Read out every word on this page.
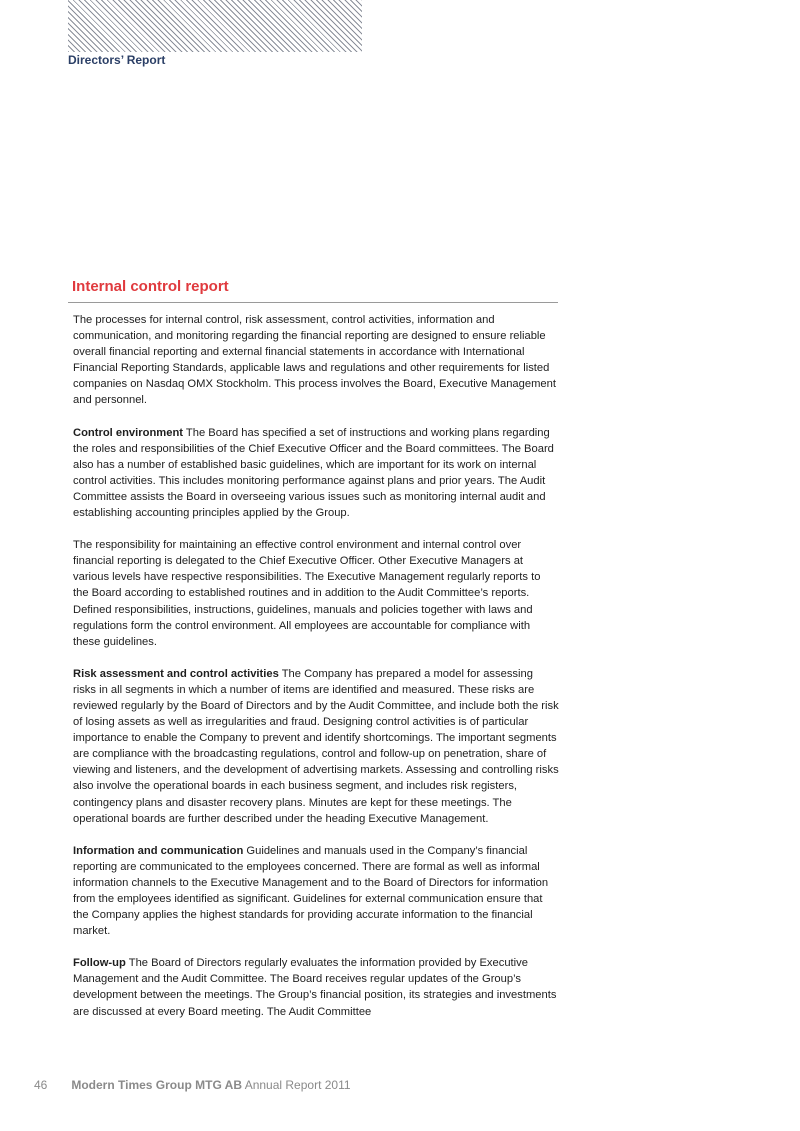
Directors’ Report
Internal control report

The processes for internal control, risk assessment, control activities, information and communication, and monitoring regarding the financial reporting are designed to ensure reliable overall financial reporting and external financial statements in accordance with International Financial Reporting Standards, applicable laws and regulations and other requirements for listed companies on Nasdaq OMX Stockholm. This process involves the Board, Executive Management and personnel.

Control environment The Board has specified a set of instructions and working plans regarding the roles and responsibilities of the Chief Executive Officer and the Board committees. The Board also has a number of established basic guidelines, which are important for its work on internal control activities. This includes monitoring performance against plans and prior years. The Audit Committee assists the Board in overseeing various issues such as monitoring internal audit and establishing accounting principles applied by the Group.

The responsibility for maintaining an effective control environment and internal control over financial reporting is delegated to the Chief Executive Officer. Other Executive Managers at various levels have respective responsibilities. The Executive Management regularly reports to the Board according to established routines and in addition to the Audit Committee’s reports. Defined responsibilities, instructions, guidelines, manuals and policies together with laws and regulations form the control environment. All employees are accountable for compliance with these guidelines.

Risk assessment and control activities The Company has prepared a model for assessing risks in all segments in which a number of items are identified and measured. These risks are reviewed regularly by the Board of Directors and by the Audit Committee, and include both the risk of losing assets as well as irregularities and fraud. Designing control activities is of particular importance to enable the Company to prevent and identify shortcomings. The important segments are compliance with the broadcasting regulations, control and follow-up on penetration, share of viewing and listeners, and the development of advertising markets. Assessing and controlling risks also involve the operational boards in each business segment, and includes risk registers, contingency plans and disaster recovery plans. Minutes are kept for these meetings. The operational boards are further described under the heading Executive Management.

Information and communication Guidelines and manuals used in the Company’s financial reporting are communicated to the employees concerned. There are formal as well as informal information channels to the Executive Management and to the Board of Directors for information from the employees identified as significant. Guidelines for external communication ensure that the Company applies the highest standards for providing accurate information to the financial market.

Follow-up The Board of Directors regularly evaluates the information provided by Executive Management and the Audit Committee. The Board receives regular updates of the Group’s development between the meetings. The Group’s financial position, its strategies and investments are discussed at every Board meeting. The Audit Committee

46 Modern Times Group MTG AB Annual Report 2011
